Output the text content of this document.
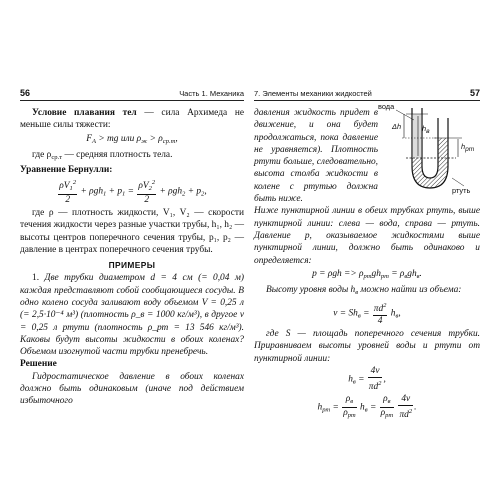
56	Часть 1. Механика

Условие плавания тел — сила Архимеда не меньше силы тяжести:

$F_A$ > mg или $\rho_ж > \rho_{ср.т}$,

где $\rho_{ср.т}$ — средняя плотность тела.

Уравнение Бернулли:

$\frac{\rho V_1^2}{2} + \rho gh_1 + p_1 = \frac{\rho V_2^2}{2} + \rho gh_2 + p_2$,

где ρ — плотность жидкости, V₁, V₂ — скорости течения жидкости через разные участки трубы, h₁, h₂ — высоты центров поперечного сечения трубы, p₁, p₂ — давление в центрах поперечного сечения трубы.

ПРИМЕРЫ

1. Две трубки диаметром d = 4 см (= 0,04 м) каждая представляют собой сообщающиеся сосуды. В одно колено сосуда заливают воду объемом V = 0,25 л (= 2,5·10⁻⁴ м³) (плотность ρ_в = 1000 кг/м³), в другое v = 0,25 л ртути (плотность ρ_рт = 13 546 кг/м³). Каковы будут высоты жидкости в обоих коленах? Объемом изогнутой части трубки пренебречь.

Решение

Гидростатическое давление в обоих коленах должно быть одинаковым (иначе под действием избыточного

7. Элементы механики жидкостей	57
вода
hв
hрт
Δh
ртуть

давления жидкость придет в движение, и она будет продолжаться, пока давление не уравняется). Плотность ртути больше, следовательно, высота столба жидкости в колене с ртутью должна быть ниже.

Ниже пунктирной линии в обеих трубках ртуть, выше пунктирной линии: слева — вода, справа — ртуть. Давление p, оказываемое жидкостями выше пунктирной линии, должно быть одинаково и определяется:

$p = \rho gh => \rho_{рт}gh_{рт} = \rho_вgh_в$.

Высоту уровня воды $h_в$ можно найти из объема:

$v = Sh_в = \frac{\pi d^2}{4} h_в$,

где S — площадь поперечного сечения трубки. Приравниваем высоты уровней воды и ртути от пунктирной линии:

$h_в = \frac{4v}{\pi d^2}$ ,
$h_{рт} = \frac{\rho_в}{\rho_{рт}} h_в = \frac{\rho_в}{\rho_{рт}}$
$\frac{4v}{\pi d^2}$ .
